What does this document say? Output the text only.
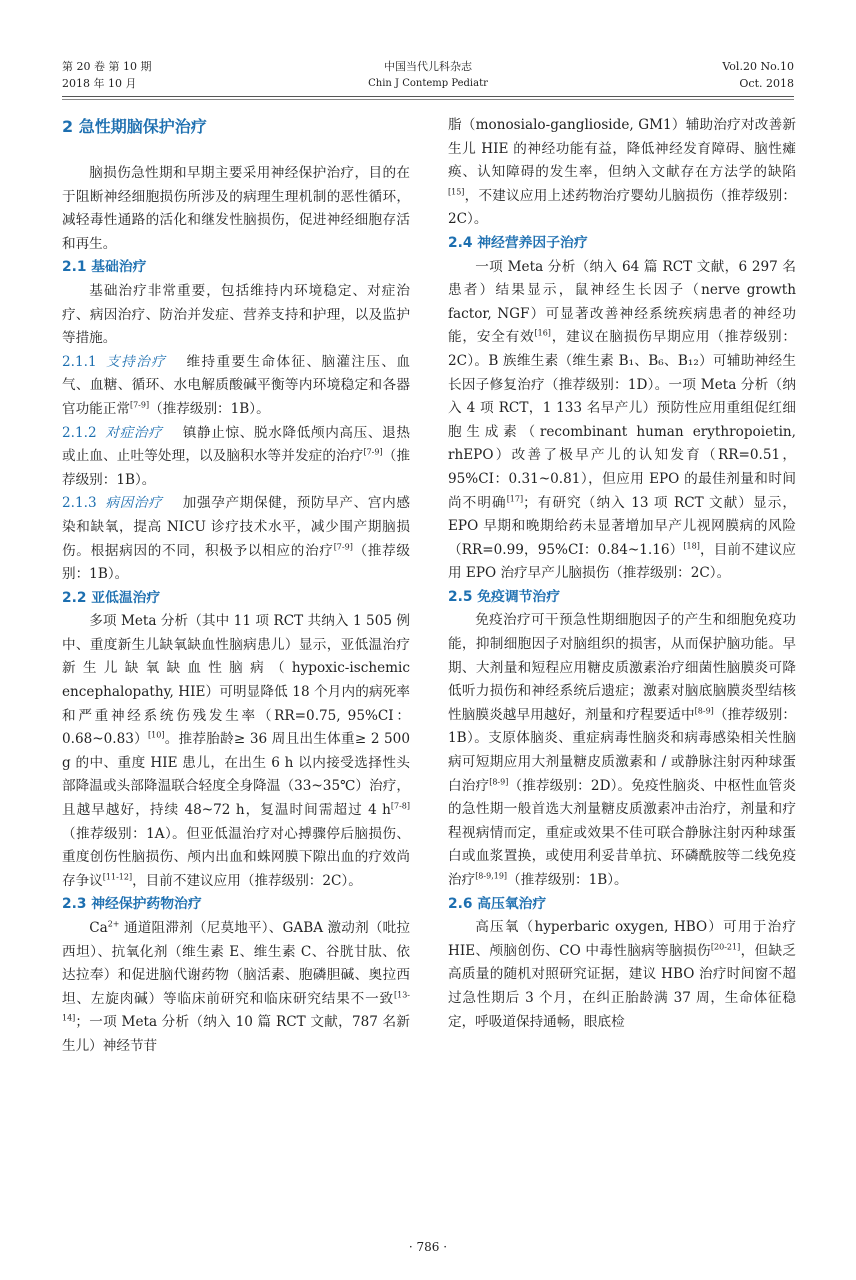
第 20 卷 第 10 期
2018 年 10 月
中国当代儿科杂志
Chin J Contemp Pediatr
Vol.20 No.10
Oct. 2018
2 急性期脑保护治疗

脑损伤急性期和早期主要采用神经保护治疗，目的在于阻断神经细胞损伤所涉及的病理生理机制的恶性循环，减轻毒性通路的活化和继发性脑损伤，促进神经细胞存活和再生。

2.1 基础治疗

基础治疗非常重要，包括维持内环境稳定、对症治疗、病因治疗、防治并发症、营养支持和护理，以及监护等措施。

2.1.1 支持治疗 维持重要生命体征、脑灌注压、血气、血糖、循环、水电解质酸碱平衡等内环境稳定和各器官功能正常[7-9]（推荐级别：1B）。

2.1.2 对症治疗 镇静止惊、脱水降低颅内高压、退热或止血、止吐等处理，以及脑积水等并发症的治疗[7-9]（推荐级别：1B）。

2.1.3 病因治疗 加强孕产期保健，预防早产、宫内感染和缺氧，提高 NICU 诊疗技术水平，减少围产期脑损伤。根据病因的不同，积极予以相应的治疗[7-9]（推荐级别：1B）。

2.2 亚低温治疗

多项 Meta 分析（其中 11 项 RCT 共纳入 1 505 例中、重度新生儿缺氧缺血性脑病患儿）显示，亚低温治疗新生儿缺氧缺血性脑病（hypoxic-ischemic encephalopathy, HIE）可明显降低 18 个月内的病死率和严重神经系统伤残发生率（RR=0.75, 95%CI：0.68~0.83）[10]。推荐胎龄≥ 36 周且出生体重≥ 2 500 g 的中、重度 HIE 患儿，在出生 6 h 以内接受选择性头部降温或头部降温联合轻度全身降温（33~35℃）治疗，且越早越好，持续 48~72 h，复温时间需超过 4 h[7-8]（推荐级别：1A）。但亚低温治疗对心搏骤停后脑损伤、重度创伤性脑损伤、颅内出血和蛛网膜下隙出血的疗效尚存争议[11-12]，目前不建议应用（推荐级别：2C）。

2.3 神经保护药物治疗

$Ca^{2+}$ 通道阻滞剂（尼莫地平）、GABA 激动剂（吡拉西坦）、抗氧化剂（维生素 E、维生素 C、谷胱甘肽、依达拉奉）和促进脑代谢药物（脑活素、胞磷胆碱、奥拉西坦、左旋肉碱）等临床前研究和临床研究结果不一致[13-14]；一项 Meta 分析（纳入 10 篇 RCT 文献，787 名新生儿）神经节苷

脂（monosialo-ganglioside, GM1）辅助治疗对改善新生儿 HIE 的神经功能有益，降低神经发育障碍、脑性瘫痪、认知障碍的发生率，但纳入文献存在方法学的缺陷[15]，不建议应用上述药物治疗婴幼儿脑损伤（推荐级别：2C）。

2.4 神经营养因子治疗

一项 Meta 分析（纳入 64 篇 RCT 文献，6 297 名患者）结果显示，鼠神经生长因子（nerve growth factor, NGF）可显著改善神经系统疾病患者的神经功能，安全有效[16]，建议在脑损伤早期应用（推荐级别：2C）。B 族维生素（维生素 B₁、B₆、B₁₂）可辅助神经生长因子修复治疗（推荐级别：1D）。一项 Meta 分析（纳入 4 项 RCT，1 133 名早产儿）预防性应用重组促红细胞生成素（recombinant human erythropoietin, rhEPO）改善了极早产儿的认知发育（RR=0.51，95%CI：0.31~0.81），但应用 EPO 的最佳剂量和时间尚不明确[17]；有研究（纳入 13 项 RCT 文献）显示，EPO 早期和晚期给药未显著增加早产儿视网膜病的风险（RR=0.99，95%CI：0.84~1.16）[18]，目前不建议应用 EPO 治疗早产儿脑损伤（推荐级别：2C）。

2.5 免疫调节治疗

免疫治疗可干预急性期细胞因子的产生和细胞免疫功能，抑制细胞因子对脑组织的损害，从而保护脑功能。早期、大剂量和短程应用糖皮质激素治疗细菌性脑膜炎可降低听力损伤和神经系统后遗症；激素对脑底脑膜炎型结核性脑膜炎越早用越好，剂量和疗程要适中[8-9]（推荐级别：1B）。支原体脑炎、重症病毒性脑炎和病毒感染相关性脑病可短期应用大剂量糖皮质激素和 / 或静脉注射丙种球蛋白治疗[8-9]（推荐级别：2D）。免疫性脑炎、中枢性血管炎的急性期一般首选大剂量糖皮质激素冲击治疗，剂量和疗程视病情而定，重症或效果不佳可联合静脉注射丙种球蛋白或血浆置换，或使用利妥昔单抗、环磷酰胺等二线免疫治疗[8-9,19]（推荐级别：1B）。

2.6 高压氧治疗

高压氧（hyperbaric oxygen, HBO）可用于治疗 HIE、颅脑创伤、CO 中毒性脑病等脑损伤[20-21]，但缺乏高质量的随机对照研究证据，建议 HBO 治疗时间窗不超过急性期后 3 个月，在纠正胎龄满 37 周，生命体征稳定，呼吸道保持通畅，眼底检

· 786 ·
